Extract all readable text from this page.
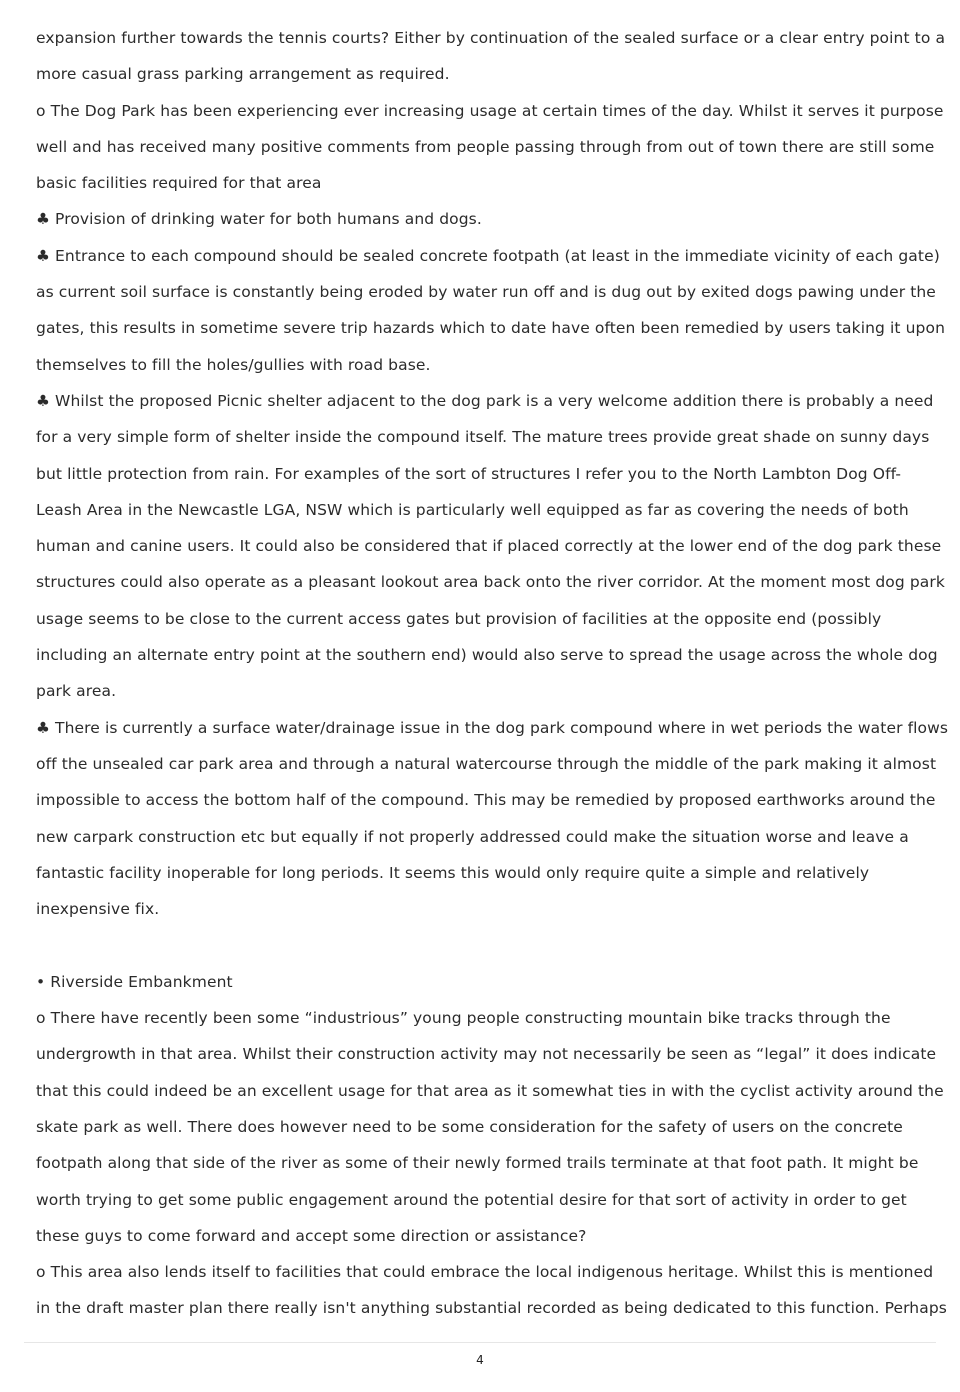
expansion further towards the tennis courts? Either by continuation of the sealed surface or a clear entry point to a

more casual grass parking arrangement as required.

o The Dog Park has been experiencing ever increasing usage at certain times of the day. Whilst it serves it purpose

well and has received many positive comments from people passing through from out of town there are still some

basic facilities required for that area

♣ Provision of drinking water for both humans and dogs.

♣ Entrance to each compound should be sealed concrete footpath (at least in the immediate vicinity of each gate)

as current soil surface is constantly being eroded by water run off and is dug out by exited dogs pawing under the

gates, this results in sometime severe trip hazards which to date have often been remedied by users taking it upon

themselves to fill the holes/gullies with road base.

♣ Whilst the proposed Picnic shelter adjacent to the dog park is a very welcome addition there is probably a need

for a very simple form of shelter inside the compound itself. The mature trees provide great shade on sunny days

but little protection from rain. For examples of the sort of structures I refer you to the North Lambton Dog Off-

Leash Area in the Newcastle LGA, NSW which is particularly well equipped as far as covering the needs of both

human and canine users. It could also be considered that if placed correctly at the lower end of the dog park these

structures could also operate as a pleasant lookout area back onto the river corridor. At the moment most dog park

usage seems to be close to the current access gates but provision of facilities at the opposite end (possibly

including an alternate entry point at the southern end) would also serve to spread the usage across the whole dog

park area.

♣ There is currently a surface water/drainage issue in the dog park compound where in wet periods the water flows

off the unsealed car park area and through a natural watercourse through the middle of the park making it almost

impossible to access the bottom half of the compound. This may be remedied by proposed earthworks around the

new carpark construction etc but equally if not properly addressed could make the situation worse and leave a

fantastic facility inoperable for long periods. It seems this would only require quite a simple and relatively

inexpensive fix.

• Riverside Embankment

o There have recently been some “industrious” young people constructing mountain bike tracks through the

undergrowth in that area. Whilst their construction activity may not necessarily be seen as “legal” it does indicate

that this could indeed be an excellent usage for that area as it somewhat ties in with the cyclist activity around the

skate park as well. There does however need to be some consideration for the safety of users on the concrete

footpath along that side of the river as some of their newly formed trails terminate at that foot path. It might be

worth trying to get some public engagement around the potential desire for that sort of activity in order to get

these guys to come forward and accept some direction or assistance?

o This area also lends itself to facilities that could embrace the local indigenous heritage. Whilst this is mentioned

in the draft master plan there really isn't anything substantial recorded as being dedicated to this function. Perhaps

4
